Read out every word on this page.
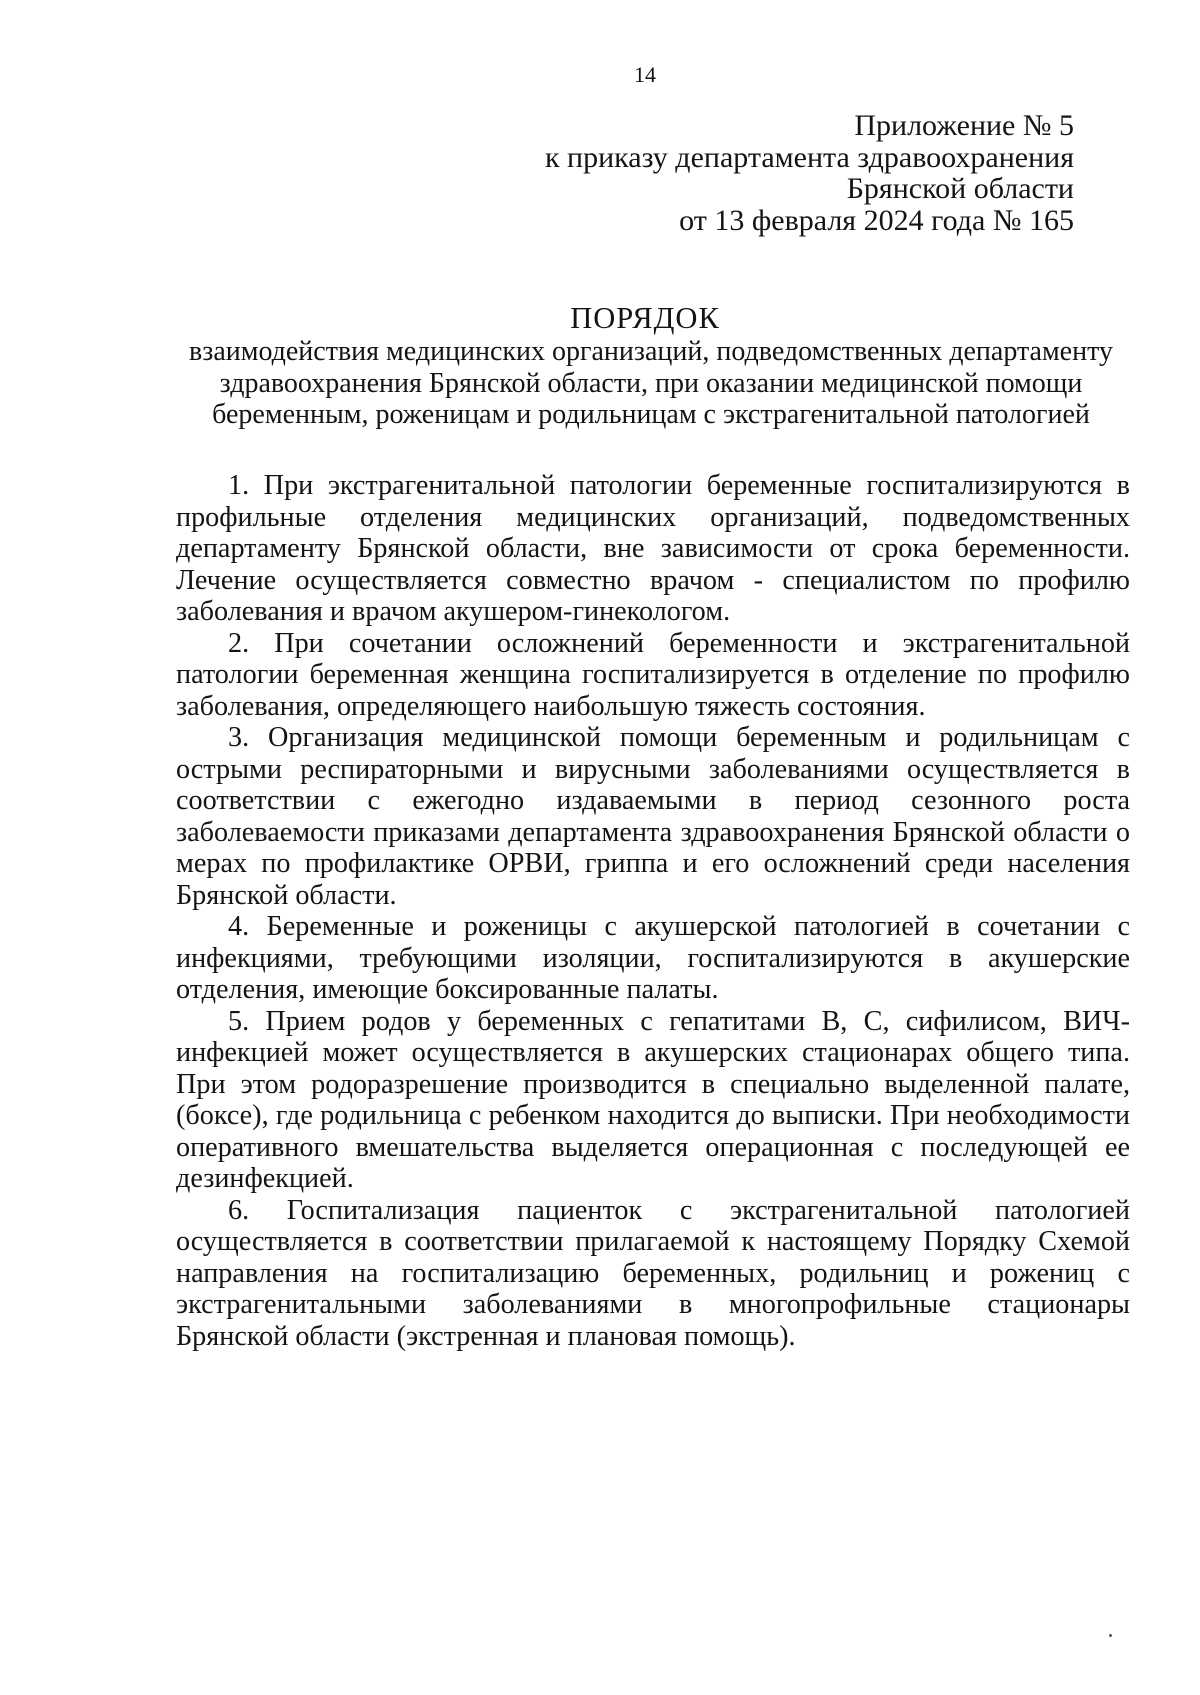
14
Приложение № 5
к приказу департамента здравоохранения
Брянской области
от 13 февраля 2024 года № 165
ПОРЯДОК
взаимодействия медицинских организаций, подведомственных департаменту
здравоохранения Брянской области, при оказании медицинской помощи
беременным, роженицам и родильницам с экстрагенитальной патологией

1. При экстрагенитальной патологии беременные госпитализируются в профильные отделения медицинских организаций, подведомственных департаменту Брянской области, вне зависимости от срока беременности. Лечение осуществляется совместно врачом - специалистом по профилю заболевания и врачом акушером-гинекологом.

2. При сочетании осложнений беременности и экстрагенитальной патологии беременная женщина госпитализируется в отделение по профилю заболевания, определяющего наибольшую тяжесть состояния.

3. Организация медицинской помощи беременным и родильницам с острыми респираторными и вирусными заболеваниями осуществляется в соответствии с ежегодно издаваемыми в период сезонного роста заболеваемости приказами департамента здравоохранения Брянской области о мерах по профилактике ОРВИ, гриппа и его осложнений среди населения Брянской области.

4. Беременные и роженицы с акушерской патологией в сочетании с инфекциями, требующими изоляции, госпитализируются в акушерские отделения, имеющие боксированные палаты.

5. Прием родов у беременных с гепатитами В, С, сифилисом, ВИЧ-инфекцией может осуществляется в акушерских стационарах общего типа. При этом родоразрешение производится в специально выделенной палате, (боксе), где родильница с ребенком находится до выписки. При необходимости оперативного вмешательства выделяется операционная с последующей ее дезинфекцией.

6. Госпитализация пациенток с экстрагенитальной патологией осуществляется в соответствии прилагаемой к настоящему Порядку Схемой направления на госпитализацию беременных, родильниц и рожениц с экстрагенитальными заболеваниями в многопрофильные стационары Брянской области (экстренная и плановая помощь).
